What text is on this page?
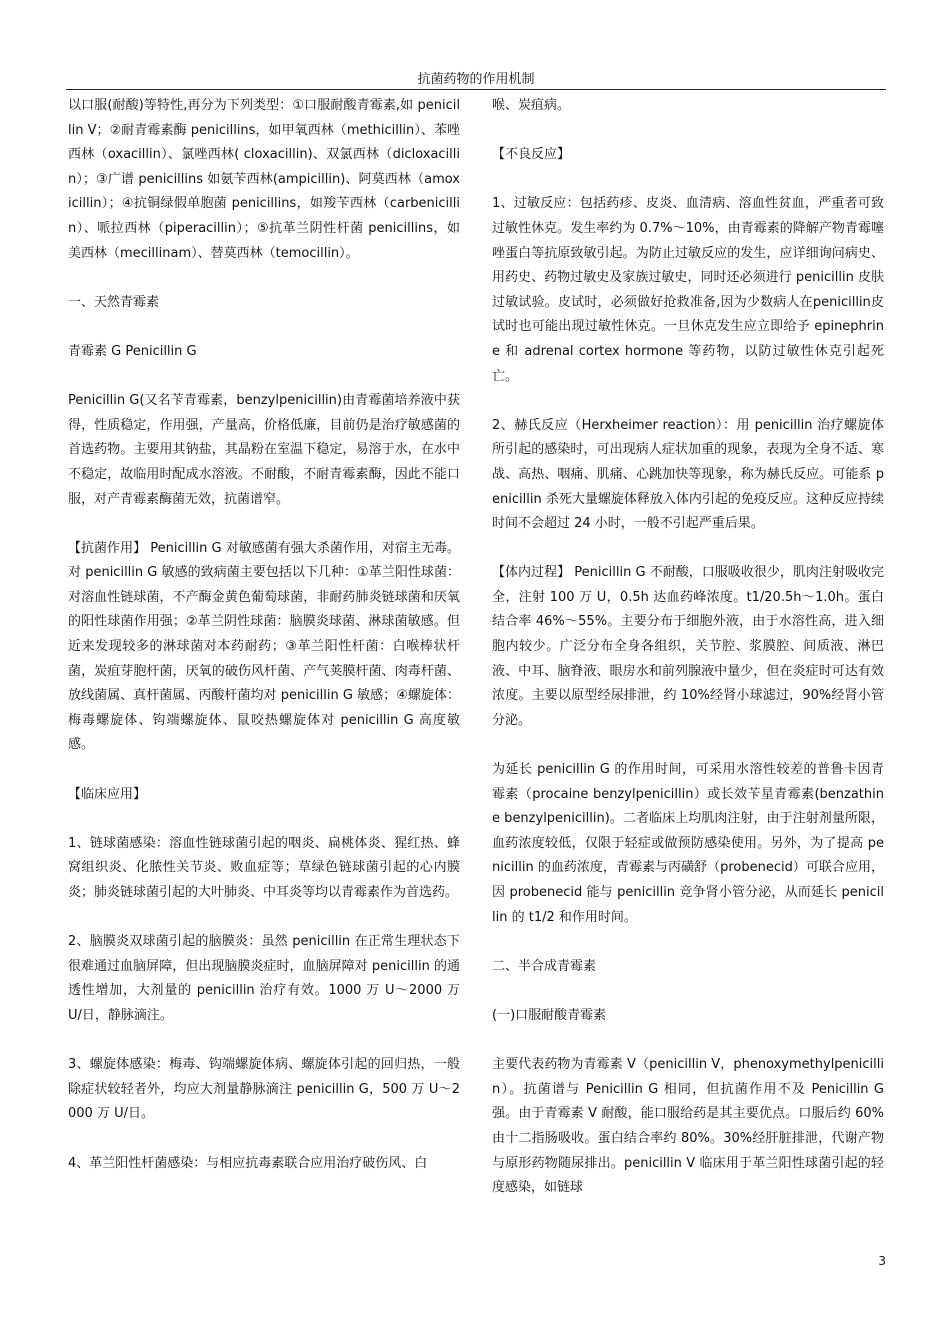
抗菌药物的作用机制

以口服(耐酸)等特性,再分为下列类型：①口服耐酸青霉素,如 penicillin V；②耐青霉素酶 penicillins，如甲氧西林（methicillin）、苯唑西林（oxacillin）、氯唑西林( cloxacillin)、双氯西林（dicloxacillin）；③广谱 penicillins 如氨苄西林(ampicillin)、阿莫西林（amoxicillin）；④抗铜绿假单胞菌 penicillins，如羧苄西林（carbenicillin）、哌拉西林（piperacillin）；⑤抗革兰阴性杆菌 penicillins，如美西林（mecillinam）、替莫西林（temocillin）。

一、天然青霉素

青霉素 G Penicillin G

Penicillin G(又名苄青霉素，benzylpenicillin)由青霉菌培养液中获得，性质稳定，作用强，产量高，价格低廉，目前仍是治疗敏感菌的首选药物。主要用其钠盐，其晶粉在室温下稳定，易溶于水，在水中不稳定，故临用时配成水溶液。不耐酸，不耐青霉素酶，因此不能口服，对产青霉素酶菌无效，抗菌谱窄。

【抗菌作用】 Penicillin G 对敏感菌有强大杀菌作用，对宿主无毒。对 penicillin G 敏感的致病菌主要包括以下几种：①革兰阳性球菌：对溶血性链球菌，不产酶金黄色葡萄球菌，非耐药肺炎链球菌和厌氧的阳性球菌作用强；②革兰阴性球菌：脑膜炎球菌、淋球菌敏感。但近来发现较多的淋球菌对本药耐药；③革兰阳性杆菌：白喉棒状杆菌，炭疽芽胞杆菌，厌氧的破伤风杆菌、产气荚膜杆菌、肉毒杆菌、放线菌属、真杆菌属、丙酸杆菌均对 penicillin G 敏感；④螺旋体：梅毒螺旋体、钩端螺旋体、鼠咬热螺旋体对 penicillin G 高度敏感。

【临床应用】

1、链球菌感染：溶血性链球菌引起的咽炎、扁桃体炎、猩红热、蜂窝组织炎、化脓性关节炎、败血症等；草绿色链球菌引起的心内膜炎；肺炎链球菌引起的大叶肺炎、中耳炎等均以青霉素作为首选药。

2、脑膜炎双球菌引起的脑膜炎：虽然 penicillin 在正常生理状态下很难通过血脑屏障，但出现脑膜炎症时，血脑屏障对 penicillin 的通透性增加，大剂量的 penicillin 治疗有效。1000 万 U～2000 万 U/日，静脉滴注。

3、螺旋体感染：梅毒、钩端螺旋体病、螺旋体引起的回归热，一般除症状较轻者外，均应大剂量静脉滴注 penicillin G，500 万 U～2000 万 U/日。

4、革兰阳性杆菌感染：与相应抗毒素联合应用治疗破伤风、白

喉、炭疽病。

【不良反应】

1、过敏反应：包括药疹、皮炎、血清病、溶血性贫血，严重者可致过敏性休克。发生率约为 0.7%～10%，由青霉素的降解产物青霉噻唑蛋白等抗原致敏引起。为防止过敏反应的发生，应详细询问病史、用药史、药物过敏史及家族过敏史，同时还必须进行 penicillin 皮肤过敏试验。皮试时，必须做好抢救准备,因为少数病人在penicillin皮试时也可能出现过敏性休克。一旦休克发生应立即给予 epinephrine 和 adrenal cortex hormone 等药物，以防过敏性休克引起死亡。

2、赫氏反应（Herxheimer reaction）：用 penicillin 治疗螺旋体所引起的感染时，可出现病人症状加重的现象，表现为全身不适、寒战、高热、咽痛、肌痛、心跳加快等现象，称为赫氏反应。可能系 penicillin 杀死大量螺旋体释放入体内引起的免疫反应。这种反应持续时间不会超过 24 小时，一般不引起严重后果。

【体内过程】 Penicillin G 不耐酸，口服吸收很少，肌肉注射吸收完全，注射 100 万 U，0.5h 达血药峰浓度。t1/20.5h～1.0h。蛋白结合率 46%～55%。主要分布于细胞外液，由于水溶性高，进入细胞内较少。广泛分布全身各组织，关节腔、浆膜腔、间质液、淋巴液、中耳、脑脊液、眼房水和前列腺液中量少，但在炎症时可达有效浓度。主要以原型经尿排泄，约 10%经肾小球滤过，90%经肾小管分泌。

为延长 penicillin G 的作用时间，可采用水溶性较差的普鲁卡因青霉素（procaine benzylpenicillin）或长效苄星青霉素(benzathine benzylpenicillin)。二者临床上均肌肉注射，由于注射剂量所限，血药浓度较低，仅限于轻症或做预防感染使用。另外，为了提高 penicillin 的血药浓度，青霉素与丙磺舒（probenecid）可联合应用，因 probenecid 能与 penicillin 竞争肾小管分泌，从而延长 penicillin 的 t1/2 和作用时间。

二、半合成青霉素

(一)口服耐酸青霉素

主要代表药物为青霉素 V（penicillin V，phenoxymethylpenicillin）。抗菌谱与 Penicillin G 相同，但抗菌作用不及 Penicillin G 强。由于青霉素 V 耐酸，能口服给药是其主要优点。口服后约 60%由十二指肠吸收。蛋白结合率约 80%。30%经肝脏排泄，代谢产物与原形药物随尿排出。penicillin V 临床用于革兰阳性球菌引起的轻度感染，如链球

3
